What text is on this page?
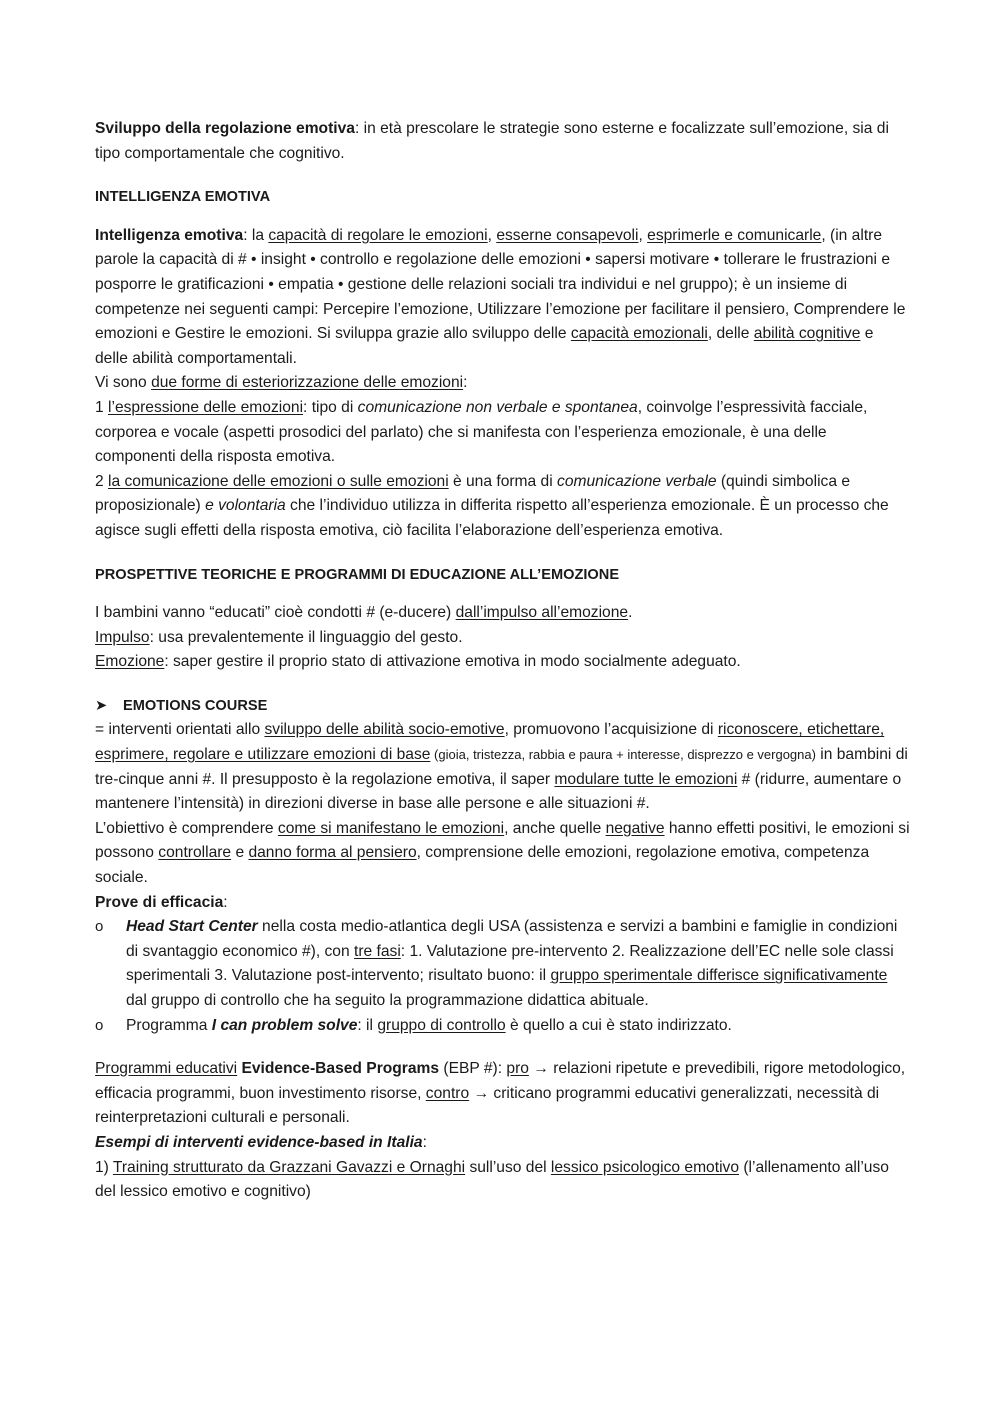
Sviluppo della regolazione emotiva: in età prescolare le strategie sono esterne e focalizzate sull’emozione, sia di tipo comportamentale che cognitivo.

INTELLIGENZA EMOTIVA

Intelligenza emotiva: la capacità di regolare le emozioni, esserne consapevoli, esprimerle e comunicarle, (in altre parole la capacità di # • insight • controllo e regolazione delle emozioni • sapersi motivare • tollerare le frustrazioni e posporre le gratificazioni • empatia • gestione delle relazioni sociali tra individui e nel gruppo); è un insieme di competenze nei seguenti campi: Percepire l’emozione, Utilizzare l’emozione per facilitare il pensiero, Comprendere le emozioni e Gestire le emozioni. Si sviluppa grazie allo sviluppo delle capacità emozionali, delle abilità cognitive e delle abilità comportamentali.

Vi sono due forme di esteriorizzazione delle emozioni:

1 l’espressione delle emozioni: tipo di comunicazione non verbale e spontanea, coinvolge l’espressività facciale, corporea e vocale (aspetti prosodici del parlato) che si manifesta con l’esperienza emozionale, è una delle componenti della risposta emotiva.

2 la comunicazione delle emozioni o sulle emozioni è una forma di comunicazione verbale (quindi simbolica e proposizionale) e volontaria che l’individuo utilizza in differita rispetto all’esperienza emozionale. È un processo che agisce sugli effetti della risposta emotiva, ciò facilita l’elaborazione dell’esperienza emotiva.

PROSPETTIVE TEORICHE E PROGRAMMI DI EDUCAZIONE ALL’EMOZIONE

I bambini vanno “educati” cioè condotti # (e-ducere) dall’impulso all’emozione.

Impulso: usa prevalentemente il linguaggio del gesto.

Emozione: saper gestire il proprio stato di attivazione emotiva in modo socialmente adeguato.

➤ EMOTIONS COURSE

= interventi orientati allo sviluppo delle abilità socio-emotive, promuovono l’acquisizione di riconoscere, etichettare, esprimere, regolare e utilizzare emozioni di base (gioia, tristezza, rabbia e paura + interesse, disprezzo e vergogna) in bambini di tre-cinque anni #. Il presupposto è la regolazione emotiva, il saper modulare tutte le emozioni # (ridurre, aumentare o mantenere l’intensità) in direzioni diverse in base alle persone e alle situazioni #.

L’obiettivo è comprendere come si manifestano le emozioni, anche quelle negative hanno effetti positivi, le emozioni si possono controllare e danno forma al pensiero, comprensione delle emozioni, regolazione emotiva, competenza sociale.

Prove di efficacia:

o Head Start Center nella costa medio-atlantica degli USA (assistenza e servizi a bambini e famiglie in condizioni di svantaggio economico #), con tre fasi: 1. Valutazione pre-intervento 2. Realizzazione dell’EC nelle sole classi sperimentali 3. Valutazione post-intervento; risultato buono: il gruppo sperimentale differisce significativamente dal gruppo di controllo che ha seguito la programmazione didattica abituale.
o Programma I can problem solve: il gruppo di controllo è quello a cui è stato indirizzato.

Programmi educativi Evidence-Based Programs (EBP #): pro → relazioni ripetute e prevedibili, rigore metodologico, efficacia programmi, buon investimento risorse, contro → criticano programmi educativi generalizzati, necessità di reinterpretazioni culturali e personali.

Esempi di interventi evidence-based in Italia:

1) Training strutturato da Grazzani Gavazzi e Ornaghi sull’uso del lessico psicologico emotivo (l’allenamento all’uso del lessico emotivo e cognitivo)
